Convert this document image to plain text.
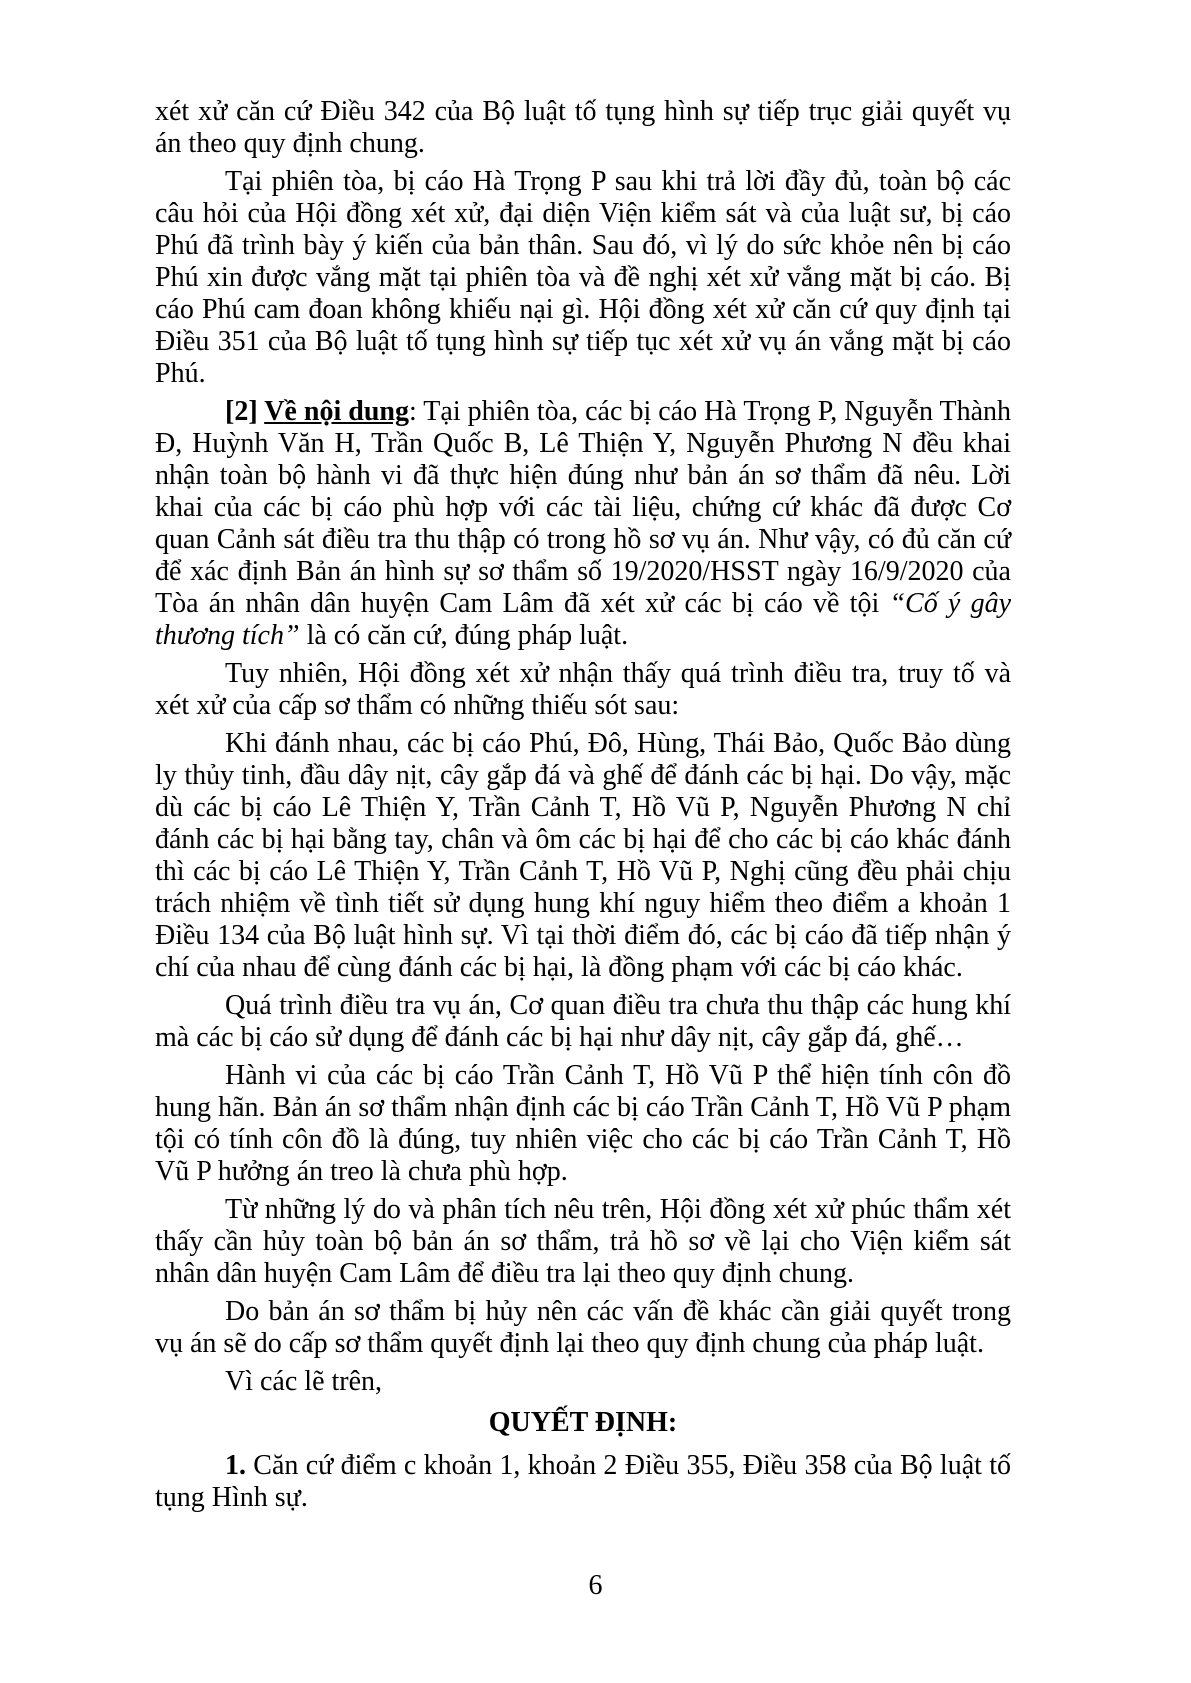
xét xử căn cứ Điều 342 của Bộ luật tố tụng hình sự tiếp trục giải quyết vụ án theo quy định chung.

Tại phiên tòa, bị cáo Hà Trọng P sau khi trả lời đầy đủ, toàn bộ các câu hỏi của Hội đồng xét xử, đại diện Viện kiểm sát và của luật sư, bị cáo Phú đã trình bày ý kiến của bản thân. Sau đó, vì lý do sức khỏe nên bị cáo Phú xin được vắng mặt tại phiên tòa và đề nghị xét xử vắng mặt bị cáo. Bị cáo Phú cam đoan không khiếu nại gì. Hội đồng xét xử căn cứ quy định tại Điều 351 của Bộ luật tố tụng hình sự tiếp tục xét xử vụ án vắng mặt bị cáo Phú.

[2] Về nội dung: Tại phiên tòa, các bị cáo Hà Trọng P, Nguyễn Thành Đ, Huỳnh Văn H, Trần Quốc B, Lê Thiện Y, Nguyễn Phương N đều khai nhận toàn bộ hành vi đã thực hiện đúng như bản án sơ thẩm đã nêu. Lời khai của các bị cáo phù hợp với các tài liệu, chứng cứ khác đã được Cơ quan Cảnh sát điều tra thu thập có trong hồ sơ vụ án. Như vậy, có đủ căn cứ để xác định Bản án hình sự sơ thẩm số 19/2020/HSST ngày 16/9/2020 của Tòa án nhân dân huyện Cam Lâm đã xét xử các bị cáo về tội “Cố ý gây thương tích” là có căn cứ, đúng pháp luật.

Tuy nhiên, Hội đồng xét xử nhận thấy quá trình điều tra, truy tố và xét xử của cấp sơ thẩm có những thiếu sót sau:

Khi đánh nhau, các bị cáo Phú, Đô, Hùng, Thái Bảo, Quốc Bảo dùng ly thủy tinh, đầu dây nịt, cây gắp đá và ghế để đánh các bị hại. Do vậy, mặc dù các bị cáo Lê Thiện Y, Trần Cảnh T, Hồ Vũ P, Nguyễn Phương N chỉ đánh các bị hại bằng tay, chân và ôm các bị hại để cho các bị cáo khác đánh thì các bị cáo Lê Thiện Y, Trần Cảnh T, Hồ Vũ P, Nghị cũng đều phải chịu trách nhiệm về tình tiết sử dụng hung khí nguy hiểm theo điểm a khoản 1 Điều 134 của Bộ luật hình sự. Vì tại thời điểm đó, các bị cáo đã tiếp nhận ý chí của nhau để cùng đánh các bị hại, là đồng phạm với các bị cáo khác.

Quá trình điều tra vụ án, Cơ quan điều tra chưa thu thập các hung khí mà các bị cáo sử dụng để đánh các bị hại như dây nịt, cây gắp đá, ghế…

Hành vi của các bị cáo Trần Cảnh T, Hồ Vũ P thể hiện tính côn đồ hung hãn. Bản án sơ thẩm nhận định các bị cáo Trần Cảnh T, Hồ Vũ P phạm tội có tính côn đồ là đúng, tuy nhiên việc cho các bị cáo Trần Cảnh T, Hồ Vũ P hưởng án treo là chưa phù hợp.

Từ những lý do và phân tích nêu trên, Hội đồng xét xử phúc thẩm xét thấy cần hủy toàn bộ bản án sơ thẩm, trả hồ sơ về lại cho Viện kiểm sát nhân dân huyện Cam Lâm để điều tra lại theo quy định chung.

Do bản án sơ thẩm bị hủy nên các vấn đề khác cần giải quyết trong vụ án sẽ do cấp sơ thẩm quyết định lại theo quy định chung của pháp luật.

Vì các lẽ trên,

QUYẾT ĐỊNH:

1. Căn cứ điểm c khoản 1, khoản 2 Điều 355, Điều 358 của Bộ luật tố tụng Hình sự.

6
